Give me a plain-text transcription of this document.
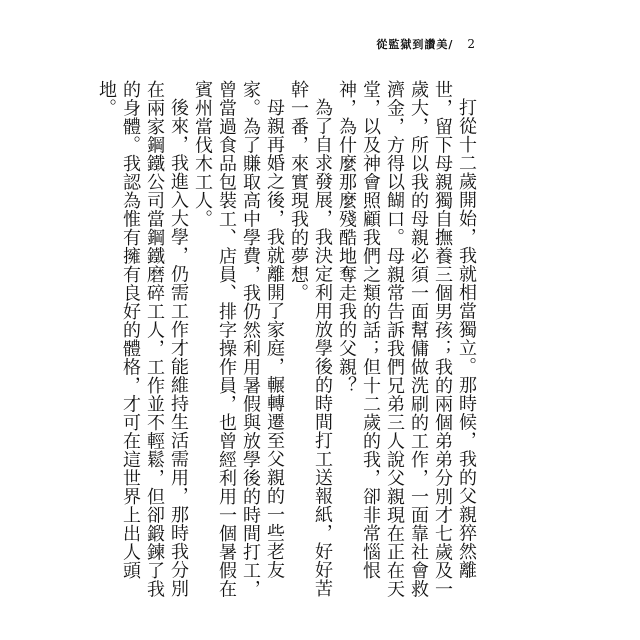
從監獄到讚美/ 2

打從十二歲開始，我就相當獨立。那時候，我的父親猝然離世，留下母親獨自撫養三個男孩；我的兩個弟弟分別才七歲及一歲大，所以我的母親必須一面幫傭做洗刷的工作，一面靠社會救濟金，方得以餬口。母親常告訴我們兄弟三人說父親現在正在天堂，以及神會照顧我們之類的話；但十二歲的我，卻非常惱恨神，為什麼那麼殘酷地奪走我的父親？

為了自求發展，我決定利用放學後的時間打工送報紙，好好苦幹一番，來實現我的夢想。

母親再婚之後，我就離開了家庭，輾轉遷至父親的一些老友家。為了賺取高中學費，我仍然利用暑假與放學後的時間打工，曾當過食品包裝工、店員、排字操作員，也曾經利用一個暑假在賓州當伐木工人。

後來，我進入大學，仍需工作才能維持生活需用，那時我分別在兩家鋼鐵公司當鋼鐵磨碎工人，工作並不輕鬆，但卻鍛鍊了我的身體。我認為惟有擁有良好的體格，才可在這世界上出人頭地。
